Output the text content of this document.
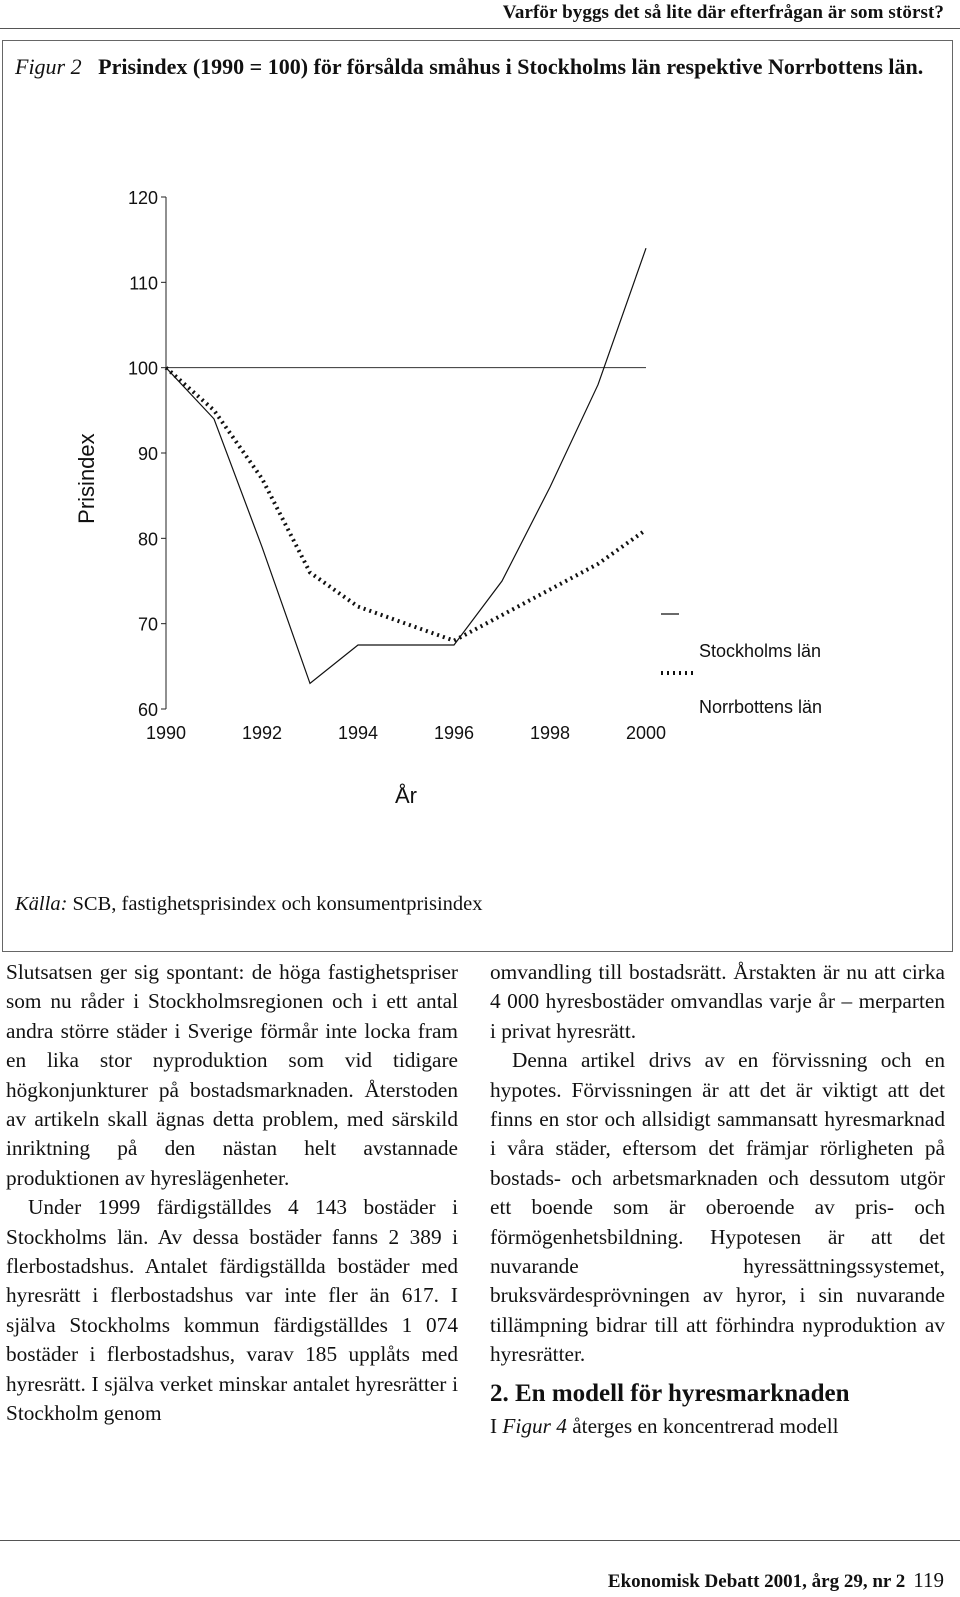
Varför byggs det så lite där efterfrågan är som störst?
Figur 2 Prisindex (1990 = 100) för försålda småhus i Stockholms län respektive Norrbottens län.
60
70
80
90
100
110
120
1990	1992	1994	1996	1998	2000
Prisindex
År
Stockholms län
Norrbottens län
Källa: SCB, fastighetsprisindex och konsumentprisindex

Slutsatsen ger sig spontant: de höga fastighetspriser som nu råder i Stockholmsregionen och i ett antal andra större städer i Sverige förmår inte locka fram en lika stor nyproduktion som vid tidigare högkonjunkturer på bostadsmarknaden. Återstoden av artikeln skall ägnas detta problem, med särskild inriktning på den nästan helt avstannade produktionen av hyreslägenheter.

Under 1999 färdigställdes 4 143 bostäder i Stockholms län. Av dessa bostäder fanns 2 389 i flerbostadshus. Antalet färdigställda bostäder med hyresrätt i flerbostadshus var inte fler än 617. I själva Stockholms kommun färdigställdes 1 074 bostäder i flerbostadshus, varav 185 upplåts med hyresrätt. I själva verket minskar antalet hyresrätter i Stockholm genom

omvandling till bostadsrätt. Årstakten är nu att cirka 4 000 hyresbostäder omvandlas varje år – merparten i privat hyresrätt.

Denna artikel drivs av en förvissning och en hypotes. Förvissningen är att det är viktigt att det finns en stor och allsidigt sammansatt hyresmarknad i våra städer, eftersom det främjar rörligheten på bostads- och arbetsmarknaden och dessutom utgör ett boende som är oberoende av pris- och förmögenhetsbildning. Hypotesen är att det nuvarande hyressättningssystemet, bruksvärdesprövningen av hyror, i sin nuvarande tillämpning bidrar till att förhindra nyproduktion av hyresrätter.

2. En modell för hyresmarknaden

I Figur 4 återges en koncentrerad modell

Ekonomisk Debatt 2001, årg 29, nr 2 119
